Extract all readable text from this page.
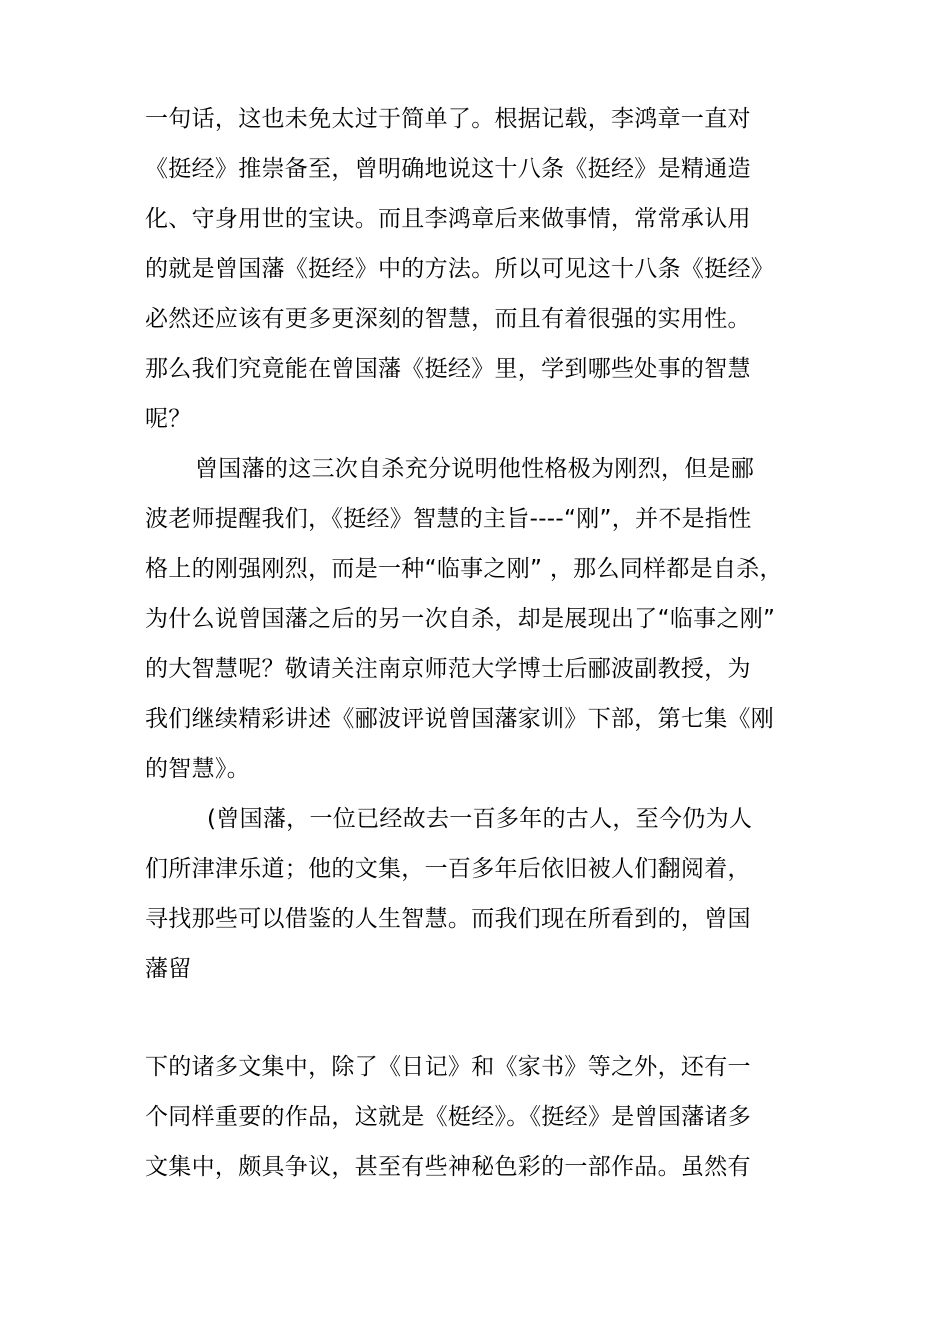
一句话，这也未免太过于简单了。根据记载，李鸿章一直对
《挺经》推崇备至，曾明确地说这十八条《挺经》是精通造
化、守身用世的宝诀。而且李鸿章后来做事情，常常承认用
的就是曾国藩《挺经》中的方法。所以可见这十八条《挺经》
必然还应该有更多更深刻的智慧，而且有着很强的实用性。
那么我们究竟能在曾国藩《挺经》里，学到哪些处事的智慧
呢？
曾国藩的这三次自杀充分说明他性格极为刚烈，但是郦
波老师提醒我们，《挺经》智慧的主旨----“刚”，并不是指性
格上的刚强刚烈，而是一种“临事之刚” ，那么同样都是自杀，
为什么说曾国藩之后的另一次自杀，却是展现出了“临事之刚”
的大智慧呢？敬请关注南京师范大学博士后郦波副教授，为
我们继续精彩讲述《郦波评说曾国藩家训》下部，第七集《刚
的智慧》。
(曾国藩，一位已经故去一百多年的古人，至今仍为人
们所津津乐道；他的文集，一百多年后依旧被人们翻阅着，
寻找那些可以借鉴的人生智慧。而我们现在所看到的，曾国
藩留
下的诸多文集中，除了《日记》和《家书》等之外，还有一
个同样重要的作品，这就是《梃经》。《挺经》是曾国藩诸多
文集中，颇具争议，甚至有些神秘色彩的一部作品。虽然有
